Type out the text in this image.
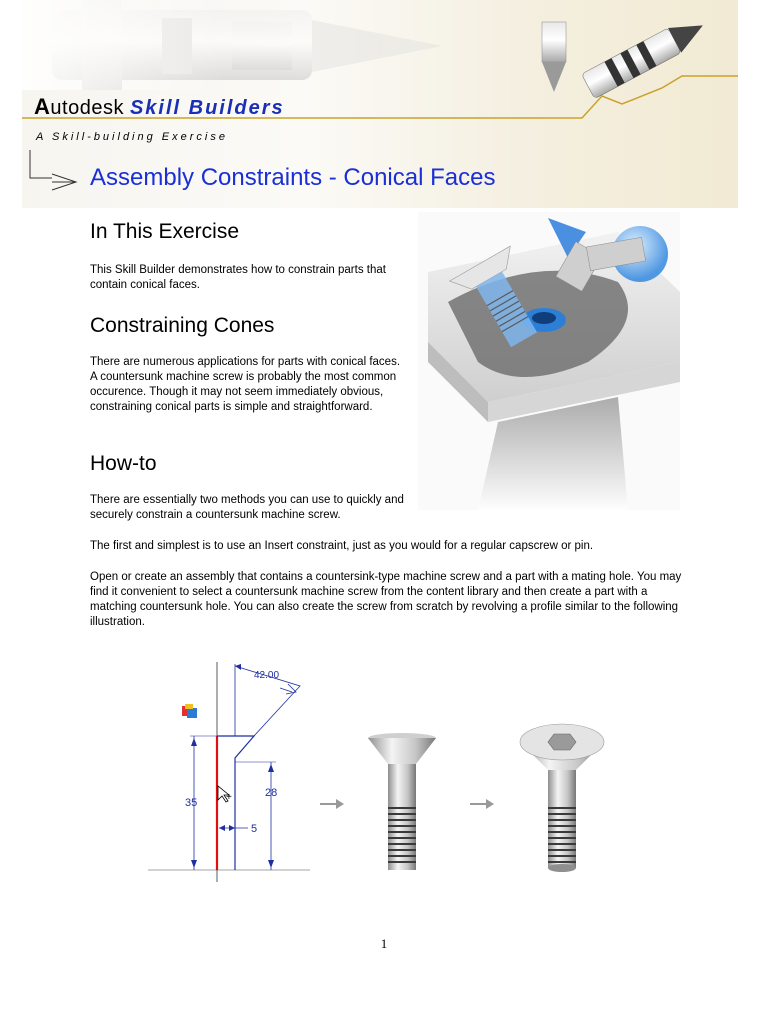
Autodesk Skill Builders
A Skill-building Exercise
Assembly Constraints - Conical Faces
In This Exercise

This Skill Builder demonstrates how to constrain parts that contain conical faces.

Constraining Cones

There are numerous applications for parts with conical faces. A countersunk machine screw is probably the most common occurence. Though it may not seem immediately obvious, constraining conical parts is simple and straightforward.

How-to

There are essentially two methods you can use to quickly and securely constrain a countersunk machine screw.

The first and simplest is to use an Insert constraint, just as you would for a regular capscrew or pin.

Open or create an assembly that contains a countersink-type machine screw and a part with a mating hole. You may find it convenient to select a countersunk machine screw from the content library and then create a part with a matching countersunk hole. You can also create the screw from scratch by revolving a profile similar to the following illustration.

42.00
35
28
5
+
1
